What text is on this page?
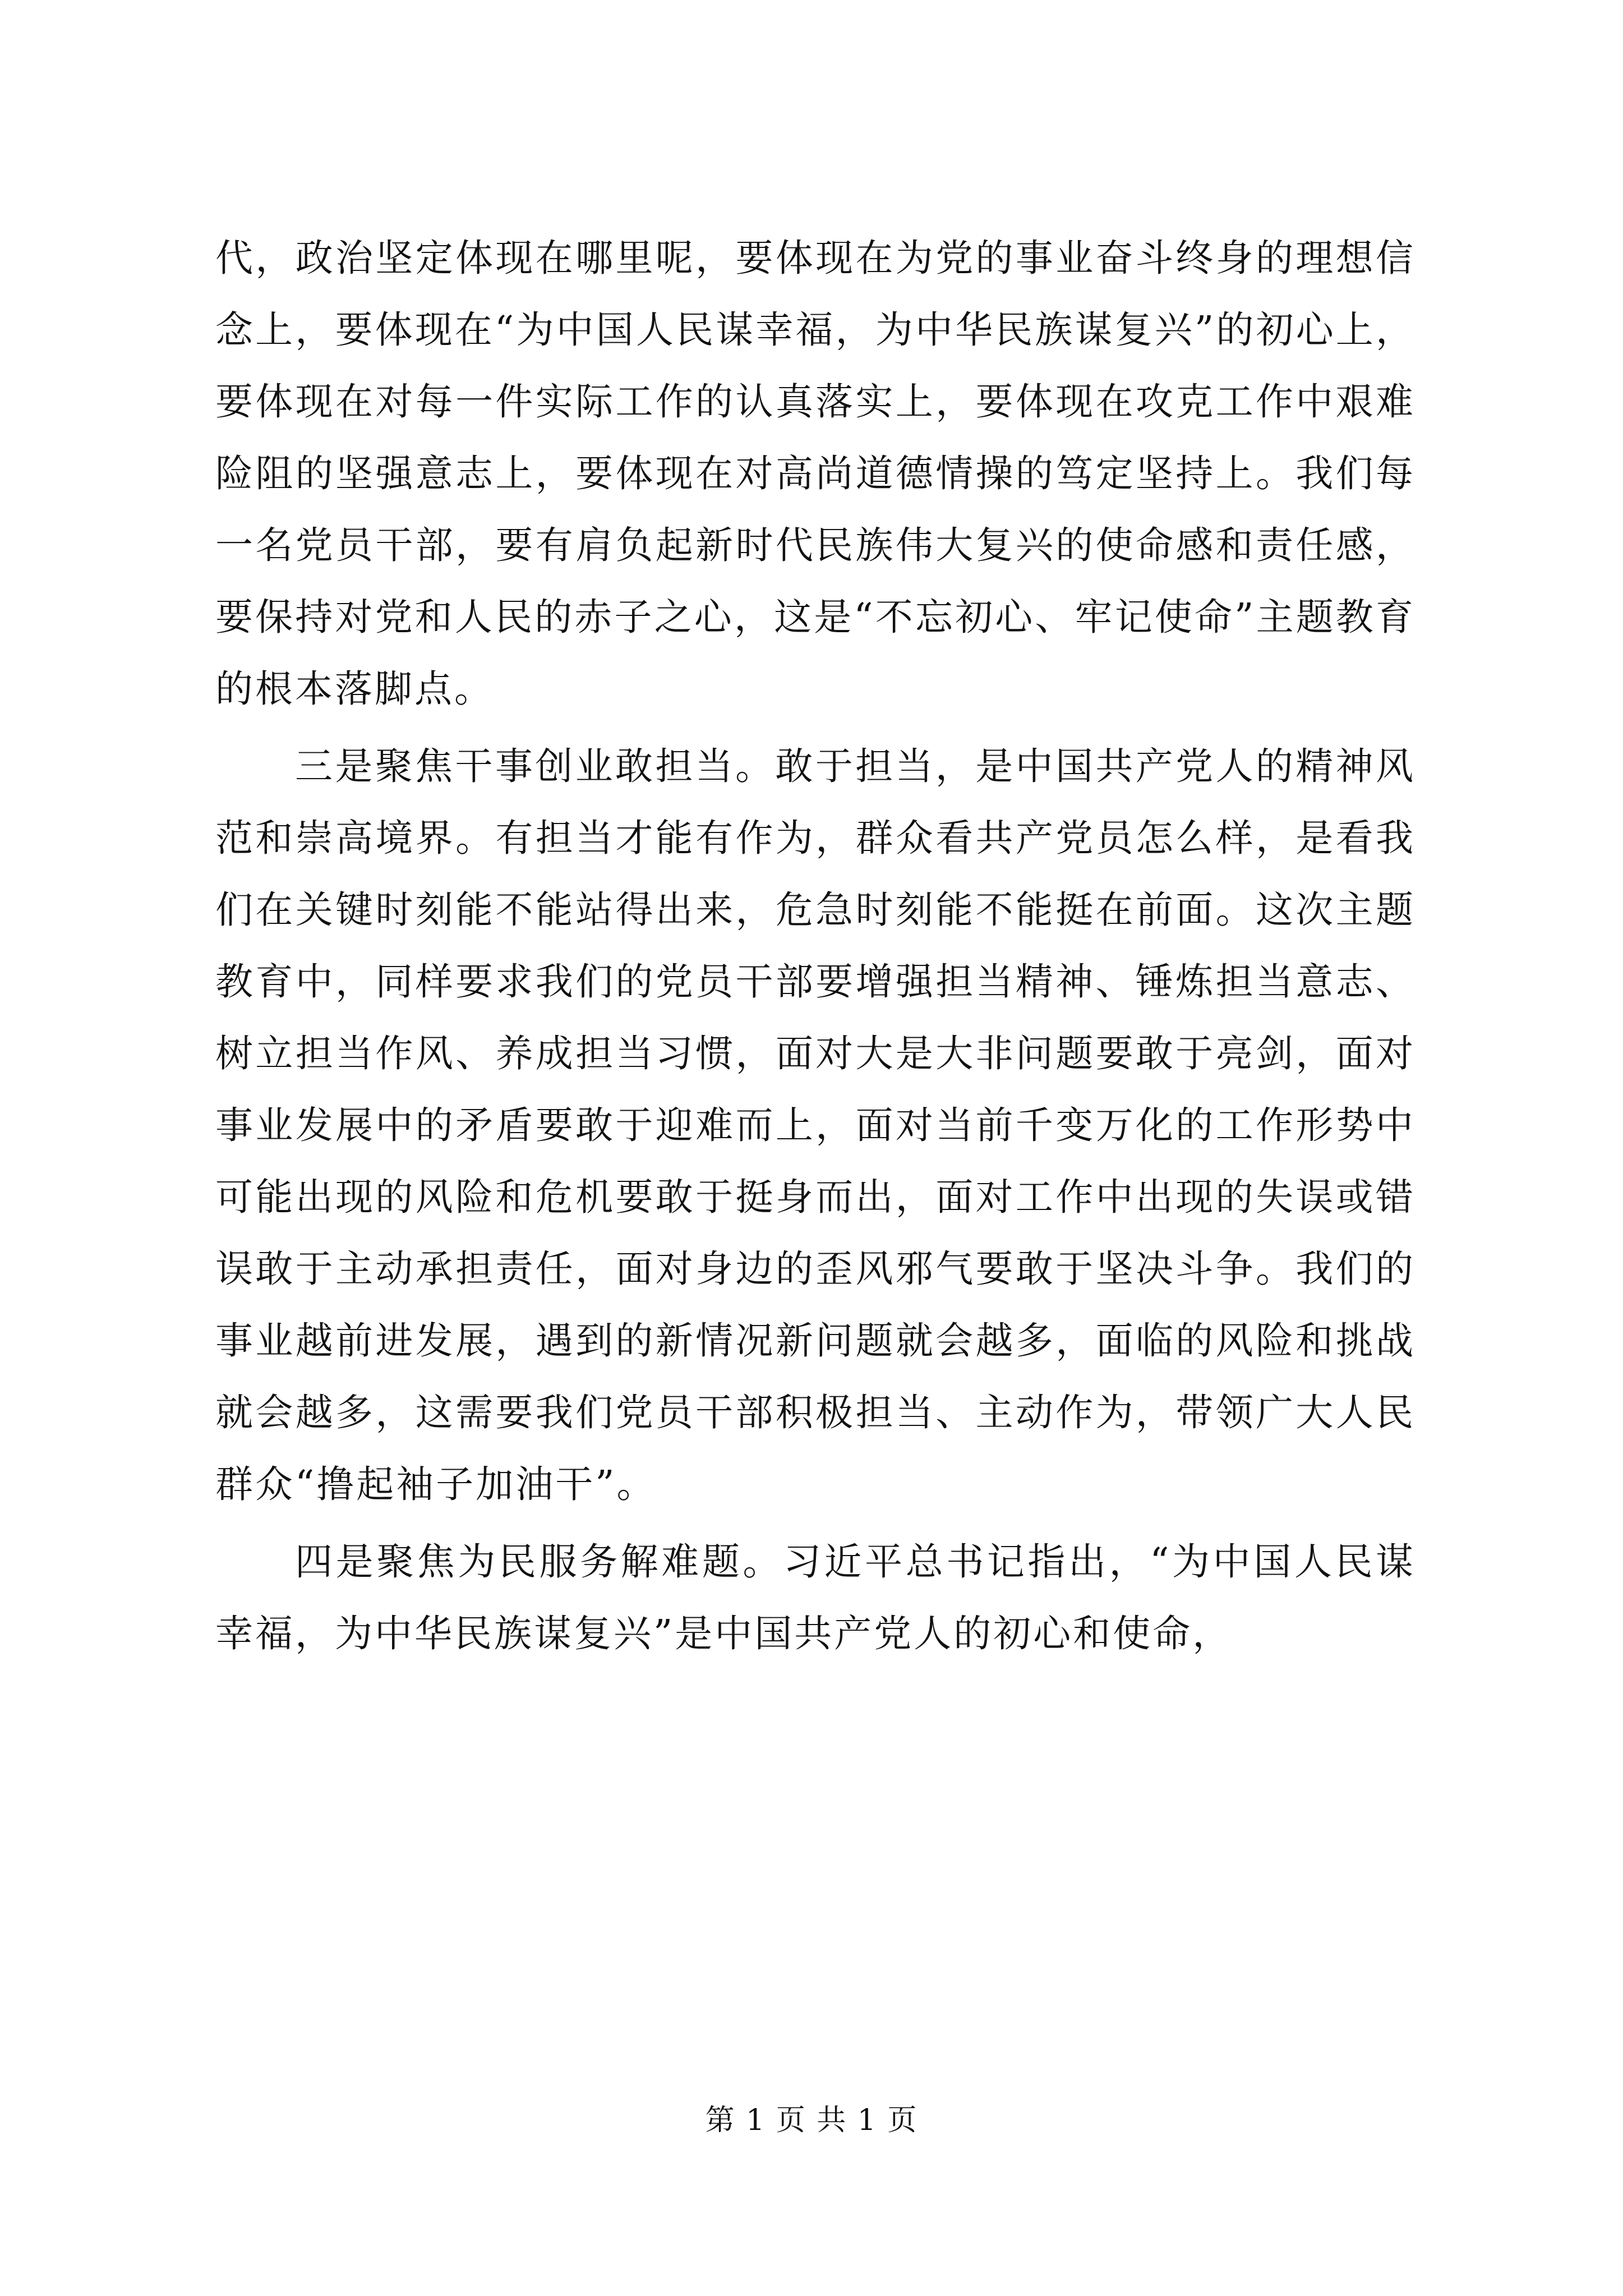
代，政治坚定体现在哪里呢，要体现在为党的事业奋斗终身的理想信念上，要体现在“为中国人民谋幸福，为中华民族谋复兴”的初心上，要体现在对每一件实际工作的认真落实上，要体现在攻克工作中艰难险阻的坚强意志上，要体现在对高尚道德情操的笃定坚持上。我们每一名党员干部，要有肩负起新时代民族伟大复兴的使命感和责任感，要保持对党和人民的赤子之心，这是“不忘初心、牢记使命”主题教育的根本落脚点。

三是聚焦干事创业敢担当。敢于担当，是中国共产党人的精神风范和崇高境界。有担当才能有作为，群众看共产党员怎么样，是看我们在关键时刻能不能站得出来，危急时刻能不能挺在前面。这次主题教育中，同样要求我们的党员干部要增强担当精神、锤炼担当意志、树立担当作风、养成担当习惯，面对大是大非问题要敢于亮剑，面对事业发展中的矛盾要敢于迎难而上，面对当前千变万化的工作形势中可能出现的风险和危机要敢于挺身而出，面对工作中出现的失误或错误敢于主动承担责任，面对身边的歪风邪气要敢于坚决斗争。我们的事业越前进发展，遇到的新情况新问题就会越多，面临的风险和挑战就会越多，这需要我们党员干部积极担当、主动作为，带领广大人民群众“撸起袖子加油干”。

四是聚焦为民服务解难题。习近平总书记指出，“为中国人民谋幸福，为中华民族谋复兴”是中国共产党人的初心和使命，

第 1 页 共 1 页
